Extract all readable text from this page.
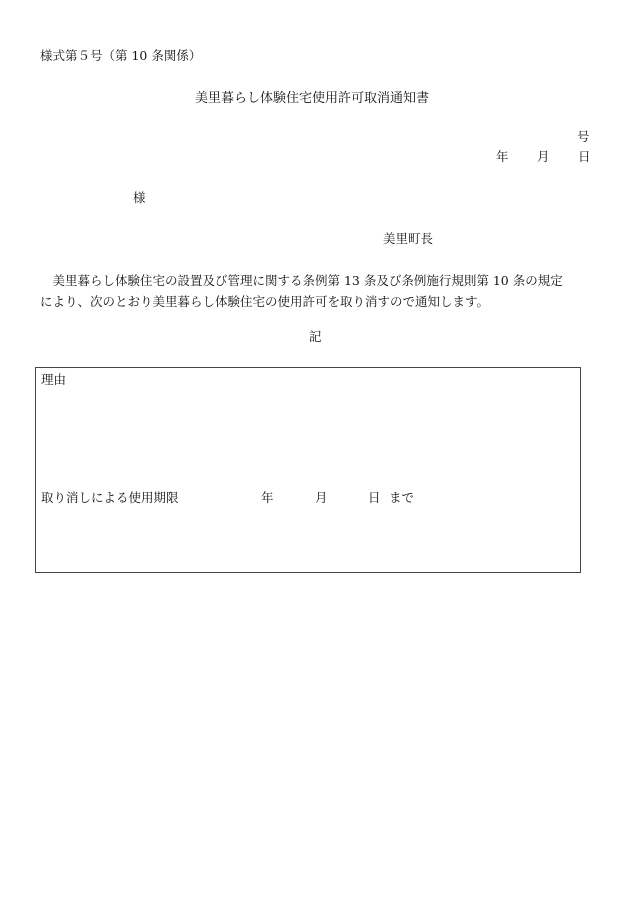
様式第５号（第 10 条関係）
美里暮らし体験住宅使用許可取消通知書
号
年 月 日
様
美里町長
　美里暮らし体験住宅の設置及び管理に関する条例第 13 条及び条例施行規則第 10 条の規定
により、次のとおり美里暮らし体験住宅の使用許可を取り消すので通知します。
記
理由
取り消しによる使用期限	年	月	日 まで
